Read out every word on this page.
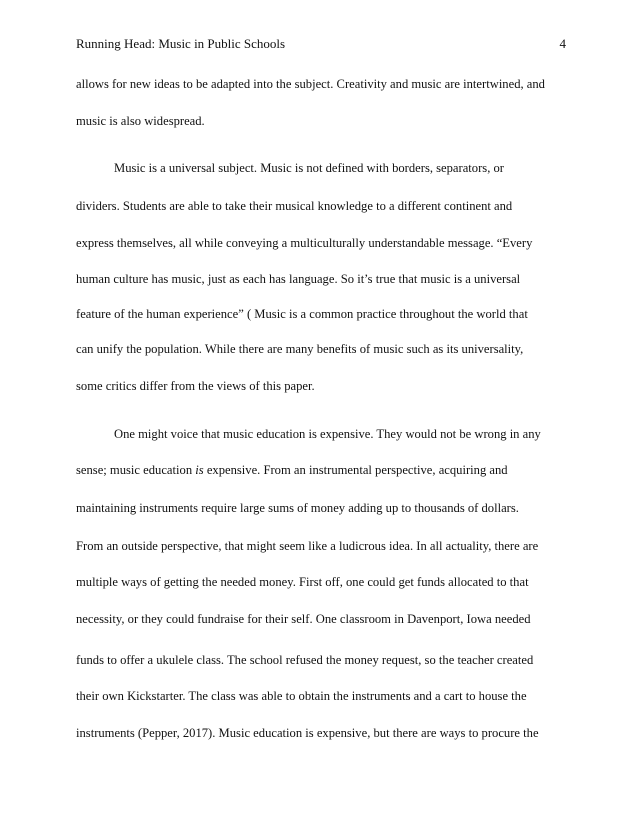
Running Head: Music in Public Schools	4
allows for new ideas to be adapted into the subject. Creativity and music are intertwined, and
music is also widespread.
Music is a universal subject. Music is not defined with borders, separators, or
dividers. Students are able to take their musical knowledge to a different continent and
express themselves, all while conveying a multiculturally understandable message. “Every
human culture has music, just as each has language. So it’s true that music is a universal
feature of the human experience” ( Music is a common practice throughout the world that
can unify the population. While there are many benefits of music such as its universality,
some critics differ from the views of this paper.
One might voice that music education is expensive. They would not be wrong in any
sense; music education is expensive. From an instrumental perspective, acquiring and
maintaining instruments require large sums of money adding up to thousands of dollars.
From an outside perspective, that might seem like a ludicrous idea. In all actuality, there are
multiple ways of getting the needed money. First off, one could get funds allocated to that
necessity, or they could fundraise for their self. One classroom in Davenport, Iowa needed
funds to offer a ukulele class. The school refused the money request, so the teacher created
their own Kickstarter. The class was able to obtain the instruments and a cart to house the
instruments (Pepper, 2017). Music education is expensive, but there are ways to procure the
